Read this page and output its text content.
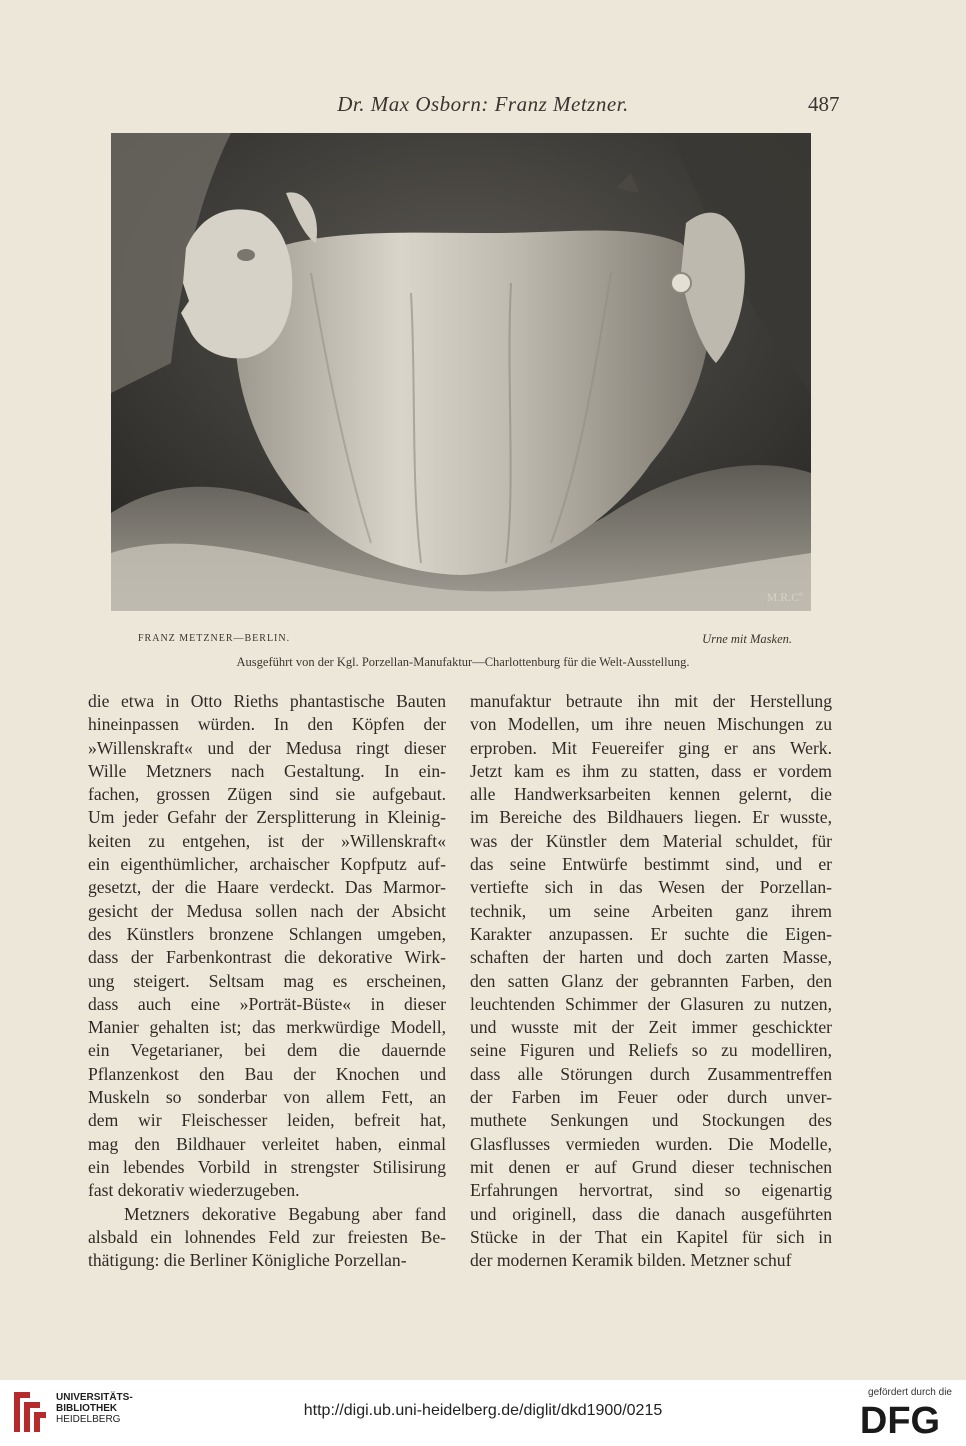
Dr. Max Osborn: Franz Metzner.	487
M.R.Cº
FRANZ METZNER—BERLIN.	Urne mit Masken.
Ausgeführt von der Kgl. Porzellan-Manufaktur—Charlottenburg für die Welt-Ausstellung.
die etwa in Otto Rieths phantastische Bauten
hineinpassen würden. In den Köpfen der
»Willenskraft« und der Medusa ringt dieser
Wille Metzners nach Gestaltung. In ein-
fachen, grossen Zügen sind sie aufgebaut.
Um jeder Gefahr der Zersplitterung in Kleinig-
keiten zu entgehen, ist der »Willenskraft«
ein eigenthümlicher, archaischer Kopfputz auf-
gesetzt, der die Haare verdeckt. Das Marmor-
gesicht der Medusa sollen nach der Absicht
des Künstlers bronzene Schlangen umgeben,
dass der Farbenkontrast die dekorative Wirk-
ung steigert. Seltsam mag es erscheinen,
dass auch eine »Porträt-Büste« in dieser
Manier gehalten ist; das merkwürdige Modell,
ein Vegetarianer, bei dem die dauernde
Pflanzenkost den Bau der Knochen und
Muskeln so sonderbar von allem Fett, an
dem wir Fleischesser leiden, befreit hat,
mag den Bildhauer verleitet haben, einmal
ein lebendes Vorbild in strengster Stilisirung
fast dekorativ wiederzugeben.
Metzners dekorative Begabung aber fand
alsbald ein lohnendes Feld zur freiesten Be-
thätigung: die Berliner Königliche Porzellan-
manufaktur betraute ihn mit der Herstellung
von Modellen, um ihre neuen Mischungen zu
erproben. Mit Feuereifer ging er ans Werk.
Jetzt kam es ihm zu statten, dass er vordem
alle Handwerksarbeiten kennen gelernt, die
im Bereiche des Bildhauers liegen. Er wusste,
was der Künstler dem Material schuldet, für
das seine Entwürfe bestimmt sind, und er
vertiefte sich in das Wesen der Porzellan-
technik, um seine Arbeiten ganz ihrem
Karakter anzupassen. Er suchte die Eigen-
schaften der harten und doch zarten Masse,
den satten Glanz der gebrannten Farben, den
leuchtenden Schimmer der Glasuren zu nutzen,
und wusste mit der Zeit immer geschickter
seine Figuren und Reliefs so zu modelliren,
dass alle Störungen durch Zusammentreffen
der Farben im Feuer oder durch unver-
muthete Senkungen und Stockungen des
Glasflusses vermieden wurden. Die Modelle,
mit denen er auf Grund dieser technischen
Erfahrungen hervortrat, sind so eigenartig
und originell, dass die danach ausgeführten
Stücke in der That ein Kapitel für sich in
der modernen Keramik bilden. Metzner schuf
UNIVERSITÄTS-
BIBLIOTHEK
HEIDELBERG
http://digi.ub.uni-heidelberg.de/diglit/dkd1900/0215
gefördert durch die
DFG
